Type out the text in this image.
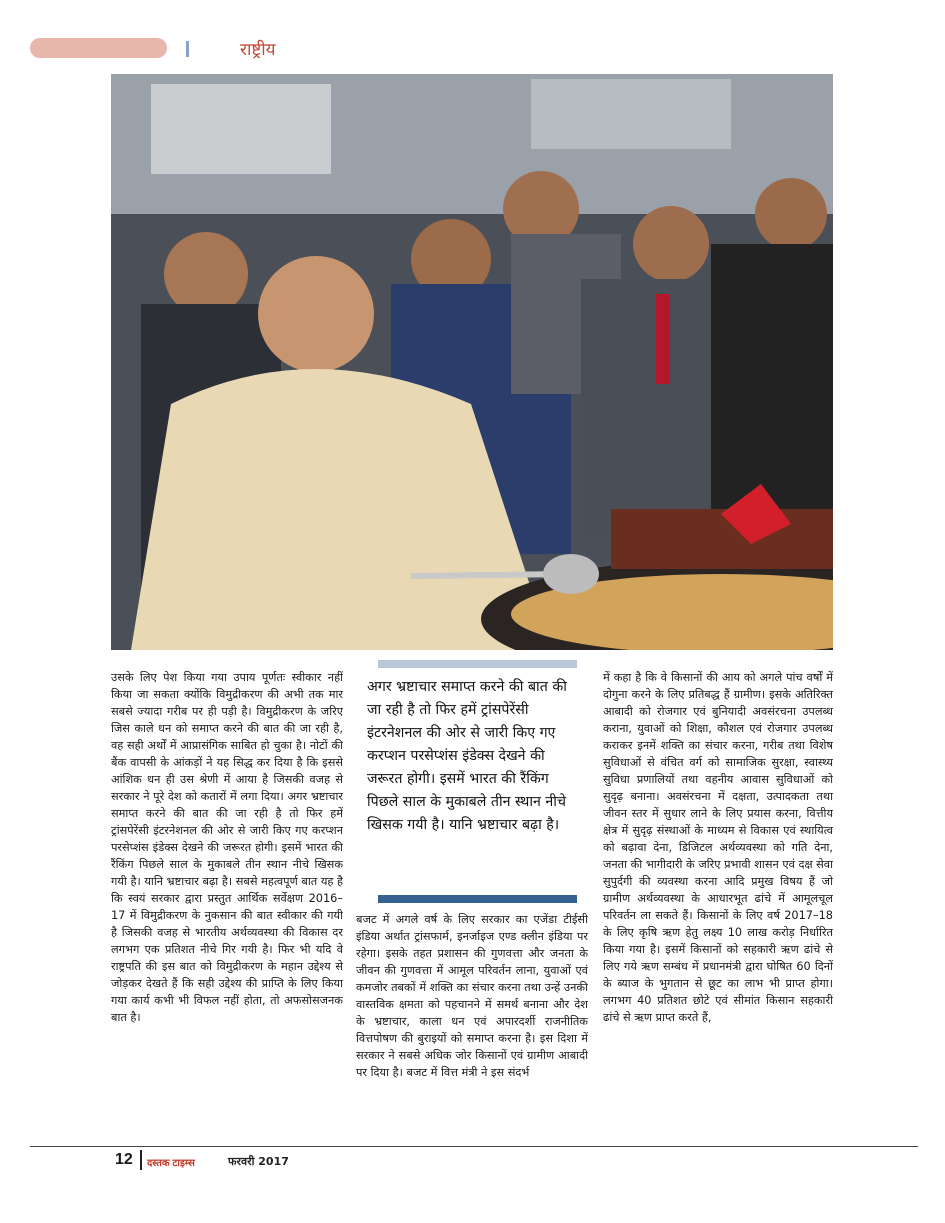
राष्ट्रीय
उसके लिए पेश किया गया उपाय पूर्णतः स्वीकार नहीं किया जा सकता क्योंकि विमुद्रीकरण की अभी तक मार सबसे ज्यादा गरीब पर ही पड़ी है। विमुद्रीकरण के जरिए जिस काले धन को समाप्त करने की बात की जा रही है, वह सही अर्थों में आप्रासंगिक साबित हो चुका है। नोटों की बैंक वापसी के आंकड़ों ने यह सिद्ध कर दिया है कि इससे आंशिक धन ही उस श्रेणी में आया है जिसकी वजह से सरकार ने पूरे देश को कतारों में लगा दिया। अगर भ्रष्टाचार समाप्त करने की बात की जा रही है तो फिर हमें ट्रांसपेरेंसी इंटरनेशनल की ओर से जारी किए गए करप्शन परसेप्शंस इंडेक्स देखने की जरूरत होगी। इसमें भारत की रैंकिंग पिछले साल के मुकाबले तीन स्थान नीचे खिसक गयी है। यानि भ्रष्टाचार बढ़ा है। सबसे महत्वपूर्ण बात यह है कि स्वयं सरकार द्वारा प्रस्तुत आर्थिक सर्वेक्षण 2016–17 में विमुद्रीकरण के नुकसान की बात स्वीकार की गयी है जिसकी वजह से भारतीय अर्थव्यवस्था की विकास दर लगभग एक प्रतिशत नीचे गिर गयी है। फिर भी यदि वे राष्ट्रपति की इस बात को विमुद्रीकरण के महान उद्देश्य से जोड़कर देखते हैं कि सही उद्देश्य की प्राप्ति के लिए किया गया कार्य कभी भी विफल नहीं होता, तो अफसोसजनक बात है।
अगर भ्रष्टाचार समाप्त करने की बात की जा रही है तो फिर हमें ट्रांसपेरेंसी इंटरनेशनल की ओर से जारी किए गए करप्शन परसेप्शंस इंडेक्स देखने की जरूरत होगी। इसमें भारत की रैंकिंग पिछले साल के मुकाबले तीन स्थान नीचे खिसक गयी है। यानि भ्रष्टाचार बढ़ा है।
बजट में अगले वर्ष के लिए सरकार का एजेंडा टीईसी इंडिया अर्थात ट्रांसफार्म, इनर्जाइज एण्ड क्लीन इंडिया पर रहेगा। इसके तहत प्रशासन की गुणवत्ता और जनता के जीवन की गुणवत्ता में आमूल परिवर्तन लाना, युवाओं एवं कमजोर तबकों में शक्ति का संचार करना तथा उन्हें उनकी वास्तविक क्षमता को पहचानने में समर्थ बनाना और देश के भ्रष्टाचार, काला धन एवं अपारदर्शी राजनीतिक वित्तपोषण की बुराइयों को समाप्त करना है। इस दिशा में सरकार ने सबसे अधिक जोर किसानों एवं ग्रामीण आबादी पर दिया है। बजट में वित्त मंत्री ने इस संदर्भ
में कहा है कि वे किसानों की आय को अगले पांच वर्षों में दोगुना करने के लिए प्रतिबद्ध हैं ग्रामीण। इसके अतिरिक्त आबादी को रोजगार एवं बुनियादी अवसंरचना उपलब्ध कराना, युवाओं को शिक्षा, कौशल एवं रोजगार उपलब्ध कराकर इनमें शक्ति का संचार करना, गरीब तथा विशेष सुविधाओं से वंचित वर्ग को सामाजिक सुरक्षा, स्वास्थ्य सुविधा प्रणालियों तथा वहनीय आवास सुविधाओं को सुदृढ़ बनाना। अवसंरचना में दक्षता, उत्पादकता तथा जीवन स्तर में सुधार लाने के लिए प्रयास करना, वित्तीय क्षेत्र में सुदृढ़ संस्थाओं के माध्यम से विकास एवं स्थायित्व को बढ़ावा देना, डिजिटल अर्थव्यवस्था को गति देना, जनता की भागीदारी के जरिए प्रभावी शासन एवं दक्ष सेवा सुपुर्दगी की व्यवस्था करना आदि प्रमुख विषय हैं जो ग्रामीण अर्थव्यवस्था के आधारभूत ढांचे में आमूलचूल परिवर्तन ला सकते हैं। किसानों के लिए वर्ष 2017–18 के लिए कृषि ऋण हेतु लक्ष्य 10 लाख करोड़ निर्धारित किया गया है। इसमें किसानों को सहकारी ऋण ढांचे से लिए गये ऋण सम्बंध में प्रधानमंत्री द्वारा घोषित 60 दिनों के ब्याज के भुगतान से छूट का लाभ भी प्राप्त होगा। लगभग 40 प्रतिशत छोटे एवं सीमांत किसान सहकारी ढांचे से ऋण प्राप्त करते हैं,
12 दस्तक टाइम्स	फरवरी 2017
